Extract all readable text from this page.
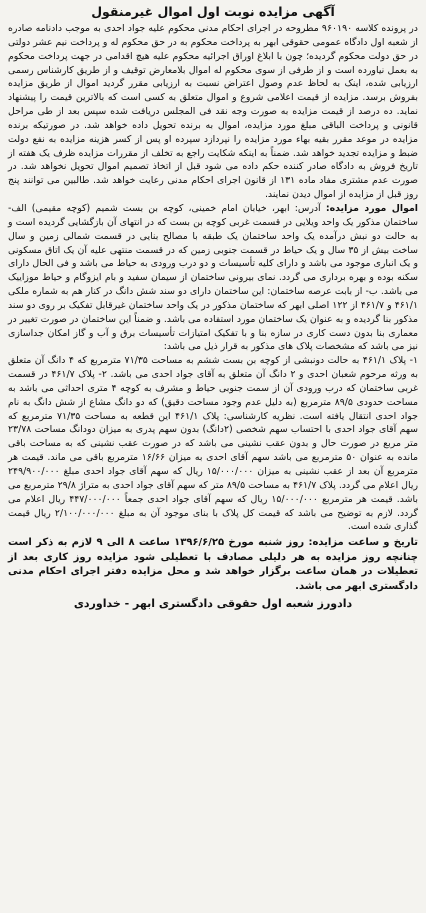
آگهی مزایده نوبت اول اموال غیرمنقول

در پرونده کلاسه ۹۶۰۱۹۰ مطروحه در اجرای احکام مدنی محکوم علیه جواد احدی به موجب دادنامه صادره از شعبه اول دادگاه عمومی حقوقی ابهر به پرداخت محکوم به در حق محکوم له و پرداخت نیم عشر دولتی در حق دولت محکوم گردیده؛ چون با ابلاغ اوراق اجرائیه محکوم علیه هیچ اقدامی در جهت پرداخت محکوم به بعمل نیاورده است و از طرفی از سوی محکوم له اموال بلامعارض توقیف و از طریق کارشناس رسمی ارزیابی شده، اینک به لحاظ عدم وصول اعتراض نسبت به ارزیابی مقرر گردید اموال از طریق مزایده بفروش برسد. مزایده از قیمت اعلامی شروع و اموال متعلق به کسی است که بالاترین قیمت را پیشنهاد نماید. ده درصد از قیمت مزایده به صورت وجه نقد فی المجلس دریافت شده سپس بعد از طی مراحل قانونی و پرداخت الباقی مبلغ مورد مزایده، اموال به برنده تحویل داده خواهد شد. در صورتیکه برنده مزایده در موعد مقرر بقیه بهاء مورد مزایده را نپردازد سپرده او پس از کسر هزینه مزایده به نفع دولت ضبط و مزایده تجدید خواهد شد. ضمناً به اینکه شکایت راجع به تخلف از مقررات مزایده ظرف یک هفته از تاریخ فروش به دادگاه صادر کننده حکم داده می شود قبل از اتخاذ تصمیم اموال تحویل نخواهد شد. در صورت عدم مشتری مفاد ماده ۱۳۱ از قانون اجرای احکام مدنی رعایت خواهد شد. طالبین می توانند پنج روز قبل از مزایده از اموال دیدن نمایند.

اموال مورد مزایده: آدرس: ابهر، خیابان امام خمینی، کوچه بن بست شمیم (کوچه مقیمی) الف- ساختمان مذکور یک واحد ویلایی در قسمت غربی کوچه بن بست که در انتهای آن بازگشایی گردیده است و به حالت دو نبش درآمده یک واحد ساختمان یک طبقه با مصالح بنایی در قسمت شمالی زمین و سال ساخت بیش از ۳۵ سال و یک حیاط در قسمت جنوبی زمین که در قسمت منتهی علیه آن یک اتاق مسکونی و یک انباری موجود می باشد و دارای کلیه تأسیسات و دو درب ورودی به حیاط می باشد و فی الحال دارای سکنه بوده و بهره برداری می گردد. نمای بیرونی ساختمان از سیمان سفید و بام ایزوگام و حیاط موزاییک می باشد. ب- از بابت عرصه ساختمان: این ساختمان دارای دو سند شش دانگ در کنار هم به شماره ملکی ۴۶۱/۱ و ۴۶۱/۷ از ۱۲۲ اصلی ابهر که ساختمان مذکور در یک واحد ساختمان غیرقابل تفکیک بر روی دو سند مذکور بنا گردیده و به عنوان یک ساختمان مورد استفاده می باشد. و ضمناً این ساختمان در صورت تغییر در معماری بنا بدون دست کاری در سازه بنا و با تفکیک امتیازات تأسیسات برق و آب و گاز امکان جداسازی نیز می باشد که مشخصات پلاک های مذکور به قرار ذیل می باشد:

۱- پلاک ۴۶۱/۱ به حالت دونبشی از کوچه بن بست ششم به مساحت ۷۱/۳۵ مترمربع که ۴ دانگ آن متعلق به ورثه مرحوم شعبان احدی و ۲ دانگ آن متعلق به آقای جواد احدی می باشد. ۲- پلاک ۴۶۱/۷ در قسمت غربی ساختمان که درب ورودی آن از سمت جنوبی حیاط و مشرف به کوچه ۴ متری احداثی می باشد به مساحت حدودی ۸۹/۵ مترمربع (به دلیل عدم وجود مساحت دقیق) که دو دانگ مشاع از شش دانگ به نام جواد احدی انتقال یافته است. نظریه کارشناسی: پلاک ۴۶۱/۱ این قطعه به مساحت ۷۱/۳۵ مترمربع که سهم آقای جواد احدی با احتساب سهم شخصی (۲دانگ) بدون سهم پدری به میزان دودانگ مساحت ۲۳/۷۸ متر مربع در صورت حال و بدون عقب نشینی می باشد که در صورت عقب نشینی که به مساحت باقی مانده به عنوان ۵۰ مترمربع می باشد سهم آقای احدی به میزان ۱۶/۶۶ مترمربع باقی می ماند. قیمت هر مترمربع آن بعد از عقب نشینی به میزان ۱۵/۰۰۰/۰۰۰ ریال که سهم آقای جواد احدی مبلغ ۲۴۹/۹۰۰/۰۰۰ ریال اعلام می گردد. پلاک ۴۶۱/۷ به مساحت ۸۹/۵ متر که سهم آقای جواد احدی به متراژ ۲۹/۸ مترمربع می باشد. قیمت هر مترمربع ۱۵/۰۰۰/۰۰۰ ریال که سهم آقای جواد احدی جمعاً ۴۴۷/۰۰۰/۰۰۰ ریال اعلام می گردد. لازم به توضیح می باشد که قیمت کل پلاک با بنای موجود آن به مبلغ ۲/۱۰۰/۰۰۰/۰۰۰ ریال قیمت گذاری شده است.

تاریخ و ساعت مزایده: روز شنبه مورخ ۱۳۹۶/۶/۲۵ ساعت ۸ الی ۹ لازم به ذکر است چنانچه روز مزایده به هر دلیلی مصادف با تعطیلی شود مزایده روز کاری بعد از تعطیلات در همان ساعت برگزار خواهد شد و محل مزایده دفتر اجرای احکام مدنی دادگستری ابهر می باشد.

دادورز شعبه اول حقوقی دادگستری ابهر - خداوردی
